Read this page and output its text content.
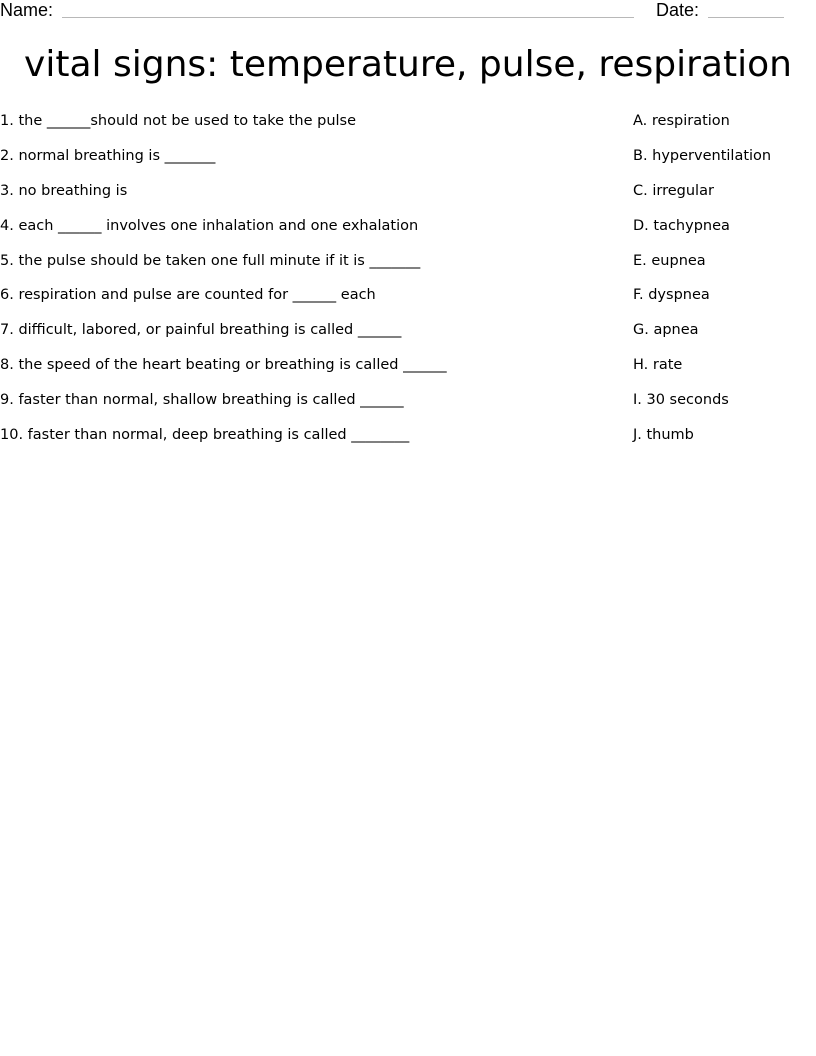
Name:	Date:
vital signs: temperature, pulse, respiration
1. the ______should not be used to take the pulse
2. normal breathing is _______
3. no breathing is
4. each ______ involves one inhalation and one exhalation
5. the pulse should be taken one full minute if it is _______
6. respiration and pulse are counted for ______ each
7. difficult, labored, or painful breathing is called ______
8. the speed of the heart beating or breathing is called ______
9. faster than normal, shallow breathing is called ______
10. faster than normal, deep breathing is called ________
A. respiration
B. hyperventilation
C. irregular
D. tachypnea
E. eupnea
F. dyspnea
G. apnea
H. rate
I. 30 seconds
J. thumb
